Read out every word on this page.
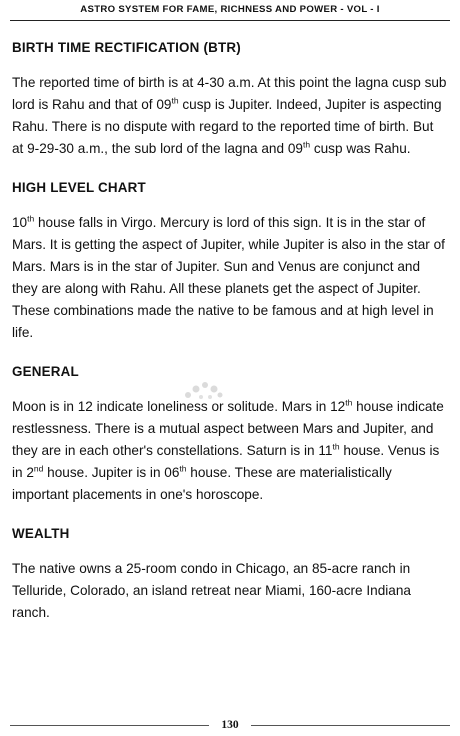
ASTRO SYSTEM FOR FAME, RICHNESS AND POWER - VOL - I
BIRTH TIME RECTIFICATION (BTR)

The reported time of birth is at 4-30 a.m. At this point the lagna cusp sub lord is Rahu and that of 09th cusp is Jupiter. Indeed, Jupiter is aspecting Rahu. There is no dispute with regard to the reported time of birth. But at 9-29-30 a.m., the sub lord of the lagna and 09th cusp was Rahu.

HIGH LEVEL CHART

10th house falls in Virgo. Mercury is lord of this sign. It is in the star of Mars. It is getting the aspect of Jupiter, while Jupiter is also in the star of Mars. Mars is in the star of Jupiter. Sun and Venus are conjunct and they are along with Rahu. All these planets get the aspect of Jupiter. These combinations made the native to be famous and at high level in life.

GENERAL

Moon is in 12 indicate loneliness or solitude. Mars in 12th house indicate restlessness. There is a mutual aspect between Mars and Jupiter, and they are in each other's constellations. Saturn is in 11th house. Venus is in 2nd house. Jupiter is in 06th house. These are materialistically important placements in one's horoscope.

WEALTH

The native owns a 25-room condo in Chicago, an 85-acre ranch in Telluride, Colorado, an island retreat near Miami, 160-acre Indiana ranch.

130
